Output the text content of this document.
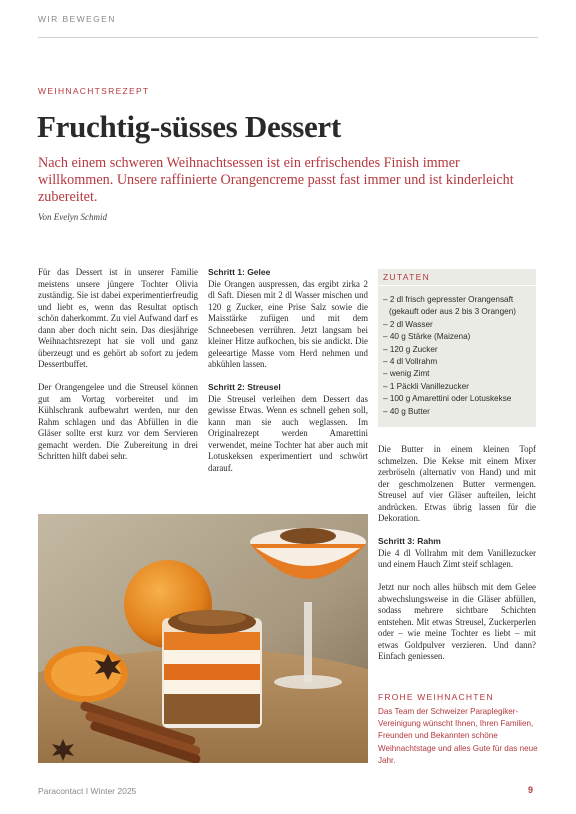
WIR BEWEGEN
WEIHNACHTSREZEPT
Fruchtig-süsses Dessert

Nach einem schweren Weihnachtsessen ist ein erfrischendes Finish immer willkommen. Unsere raffinierte Orangencreme passt fast immer und ist kinderleicht zubereitet.

Von Evelyn Schmid

Für das Dessert ist in unserer Familie meistens unsere jüngere Tochter Olivia zuständig. Sie ist dabei experimentierfreudig und liebt es, wenn das Resultat optisch schön daherkommt. Zu viel Aufwand darf es dann aber doch nicht sein. Das diesjährige Weihnachtsrezept hat sie voll und ganz überzeugt und es gehört ab sofort zu jedem Dessertbuffet.

Der Orangengelee und die Streusel können gut am Vortag vorbereitet und im Kühlschrank aufbewahrt werden, nur den Rahm schlagen und das Abfüllen in die Gläser sollte erst kurz vor dem Servieren gemacht werden. Die Zubereitung in drei Schritten hilft dabei sehr.

Schritt 1: Gelee
Die Orangen auspressen, das ergibt zirka 2 dl Saft. Diesen mit 2 dl Wasser mischen und 120 g Zucker, eine Prise Salz sowie die Maisstärke zufügen und mit dem Schneebesen verrühren. Jetzt langsam bei kleiner Hitze aufkochen, bis sie andickt. Die geleeartige Masse vom Herd nehmen und abkühlen lassen.

Schritt 2: Streusel
Die Streusel verleihen dem Dessert das gewisse Etwas. Wenn es schnell gehen soll, kann man sie auch weglassen. Im Originalrezept werden Amarettini verwendet, meine Tochter hat aber auch mit Lotuskeksen experimentiert und schwört darauf.

ZUTATEN
– 2 dl frisch gepresster Orangensaft
(gekauft oder aus 2 bis 3 Orangen)
– 2 dl Wasser
– 40 g Stärke (Maizena)
– 120 g Zucker
– 4 dl Vollrahm
– wenig Zimt
– 1 Päckli Vanillezucker
– 100 g Amarettini oder Lotuskekse
– 40 g Butter

Die Butter in einem kleinen Topf schmelzen. Die Kekse mit einem Mixer zerbröseln (alternativ von Hand) und mit der geschmolzenen Butter vermengen. Streusel auf vier Gläser aufteilen, leicht andrücken. Etwas übrig lassen für die Dekoration.

Schritt 3: Rahm
Die 4 dl Vollrahm mit dem Vanillezucker und einem Hauch Zimt steif schlagen.

Jetzt nur noch alles hübsch mit dem Gelee abwechslungsweise in die Gläser abfüllen, sodass mehrere sichtbare Schichten entstehen. Mit etwas Streusel, Zuckerperlen oder – wie meine Tochter es liebt – mit etwas Goldpulver verzieren. Und dann? Einfach geniessen.

FROHE WEIHNACHTEN
Das Team der Schweizer Paraplegiker-Vereinigung wünscht Ihnen, Ihren Familien, Freunden und Bekannten schöne Weihnachtstage und alles Gute für das neue Jahr.
Paracontact I Winter 2025	9
